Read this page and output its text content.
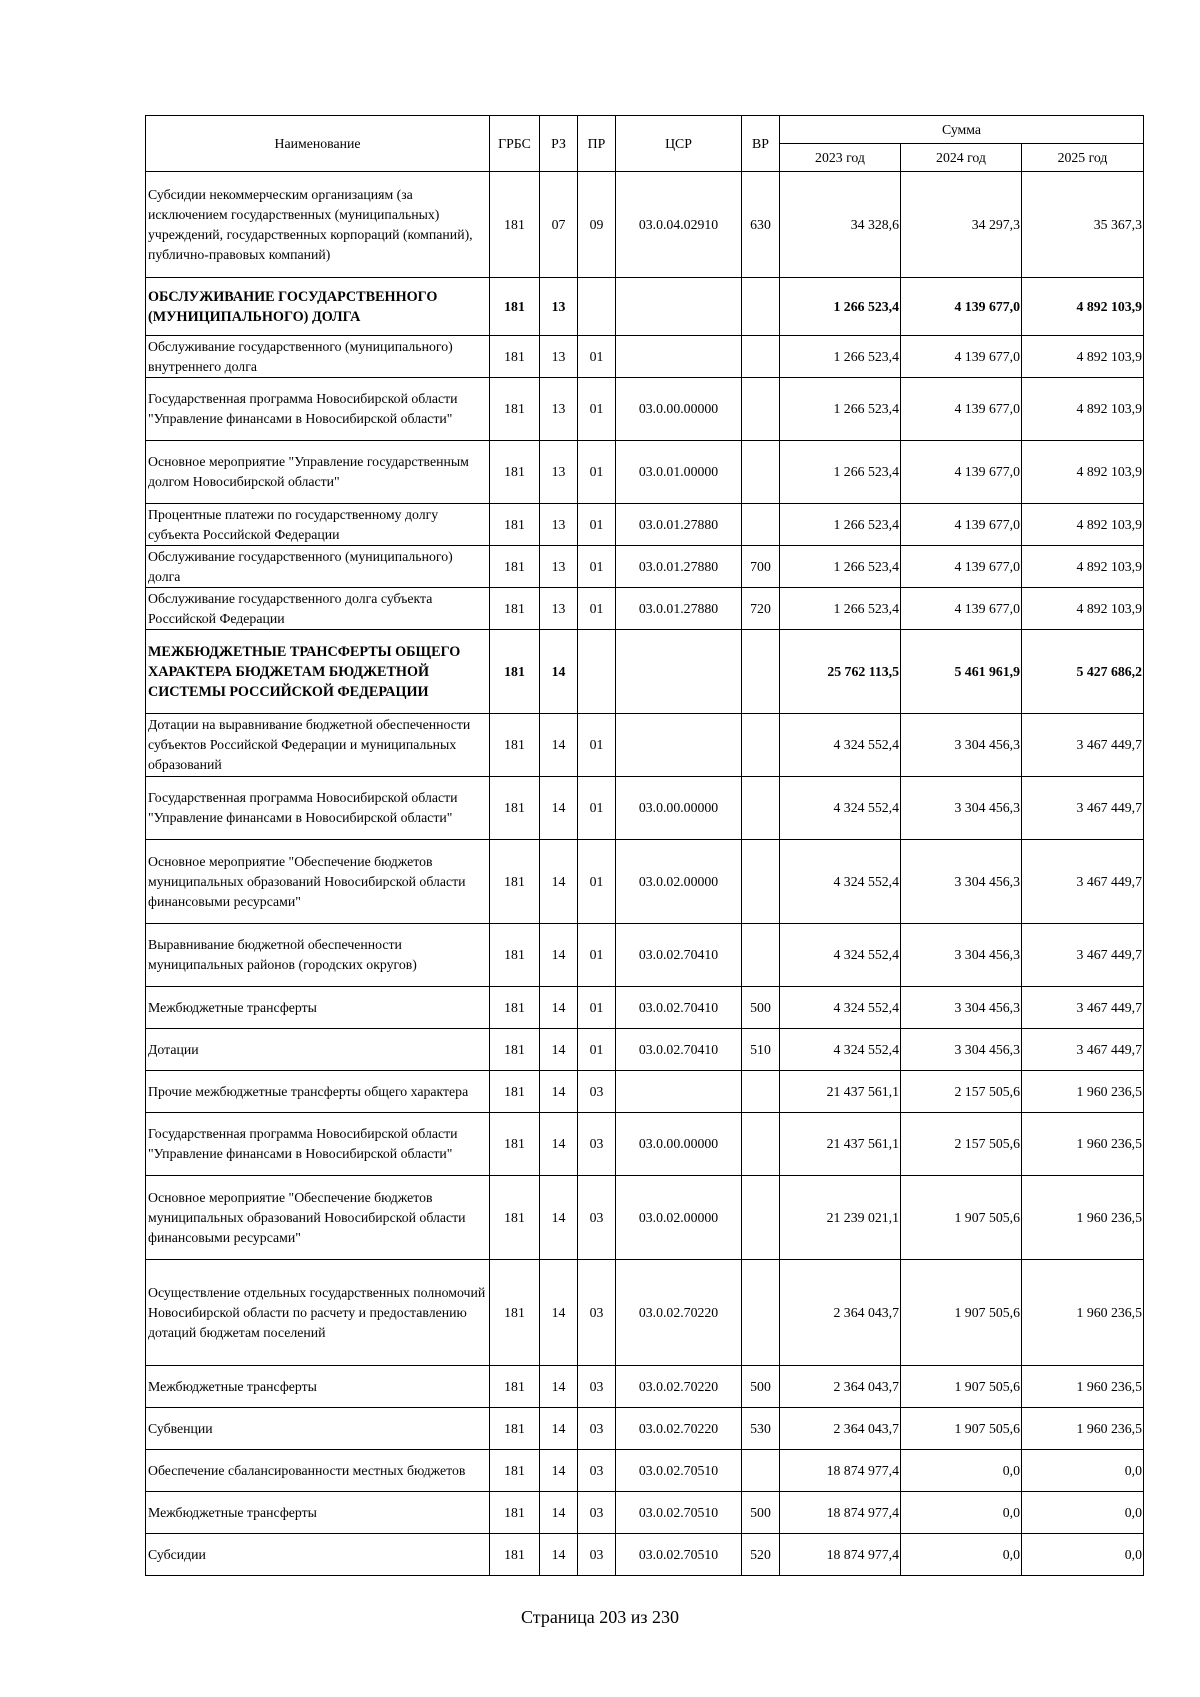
Наименование	ГРБС	РЗ	ПР	ЦСР	ВР	Сумма		
						2023 год	2024 год	2025 год
Субсидии некоммерческим организациям (за исключением государственных (муниципальных) учреждений, государственных корпораций (компаний), публично-правовых компаний)	181	07	09	03.0.04.02910	630	34 328,6	34 297,3	35 367,3
ОБСЛУЖИВАНИЕ ГОСУДАРСТВЕННОГО (МУНИЦИПАЛЬНОГО) ДОЛГА	181	13				1 266 523,4	4 139 677,0	4 892 103,9
Обслуживание государственного (муниципального) внутреннего долга	181	13	01			1 266 523,4	4 139 677,0	4 892 103,9
Государственная программа Новосибирской области "Управление финансами в Новосибирской области"	181	13	01	03.0.00.00000		1 266 523,4	4 139 677,0	4 892 103,9
Основное мероприятие "Управление государственным долгом Новосибирской области"	181	13	01	03.0.01.00000		1 266 523,4	4 139 677,0	4 892 103,9
Процентные платежи по государственному долгу субъекта Российской Федерации	181	13	01	03.0.01.27880		1 266 523,4	4 139 677,0	4 892 103,9
Обслуживание государственного (муниципального) долга	181	13	01	03.0.01.27880	700	1 266 523,4	4 139 677,0	4 892 103,9
Обслуживание государственного долга субъекта Российской Федерации	181	13	01	03.0.01.27880	720	1 266 523,4	4 139 677,0	4 892 103,9
МЕЖБЮДЖЕТНЫЕ ТРАНСФЕРТЫ ОБЩЕГО ХАРАКТЕРА БЮДЖЕТАМ БЮДЖЕТНОЙ СИСТЕМЫ РОССИЙСКОЙ ФЕДЕРАЦИИ	181	14				25 762 113,5	5 461 961,9	5 427 686,2
Дотации на выравнивание бюджетной обеспеченности субъектов Российской Федерации и муниципальных образований	181	14	01			4 324 552,4	3 304 456,3	3 467 449,7
Государственная программа Новосибирской области "Управление финансами в Новосибирской области"	181	14	01	03.0.00.00000		4 324 552,4	3 304 456,3	3 467 449,7
Основное мероприятие "Обеспечение бюджетов муниципальных образований Новосибирской области финансовыми ресурсами"	181	14	01	03.0.02.00000		4 324 552,4	3 304 456,3	3 467 449,7
Выравнивание бюджетной обеспеченности муниципальных районов (городских округов)	181	14	01	03.0.02.70410		4 324 552,4	3 304 456,3	3 467 449,7
Межбюджетные трансферты	181	14	01	03.0.02.70410	500	4 324 552,4	3 304 456,3	3 467 449,7
Дотации	181	14	01	03.0.02.70410	510	4 324 552,4	3 304 456,3	3 467 449,7
Прочие межбюджетные трансферты общего характера	181	14	03			21 437 561,1	2 157 505,6	1 960 236,5
Государственная программа Новосибирской области "Управление финансами в Новосибирской области"	181	14	03	03.0.00.00000		21 437 561,1	2 157 505,6	1 960 236,5
Основное мероприятие "Обеспечение бюджетов муниципальных образований Новосибирской области финансовыми ресурсами"	181	14	03	03.0.02.00000		21 239 021,1	1 907 505,6	1 960 236,5
Осуществление отдельных государственных полномочий Новосибирской области по расчету и предоставлению дотаций бюджетам поселений	181	14	03	03.0.02.70220		2 364 043,7	1 907 505,6	1 960 236,5
Межбюджетные трансферты	181	14	03	03.0.02.70220	500	2 364 043,7	1 907 505,6	1 960 236,5
Субвенции	181	14	03	03.0.02.70220	530	2 364 043,7	1 907 505,6	1 960 236,5
Обеспечение сбалансированности местных бюджетов	181	14	03	03.0.02.70510		18 874 977,4	0,0	0,0
Межбюджетные трансферты	181	14	03	03.0.02.70510	500	18 874 977,4	0,0	0,0
Субсидии	181	14	03	03.0.02.70510	520	18 874 977,4	0,0	0,0
Страница 203 из 230
